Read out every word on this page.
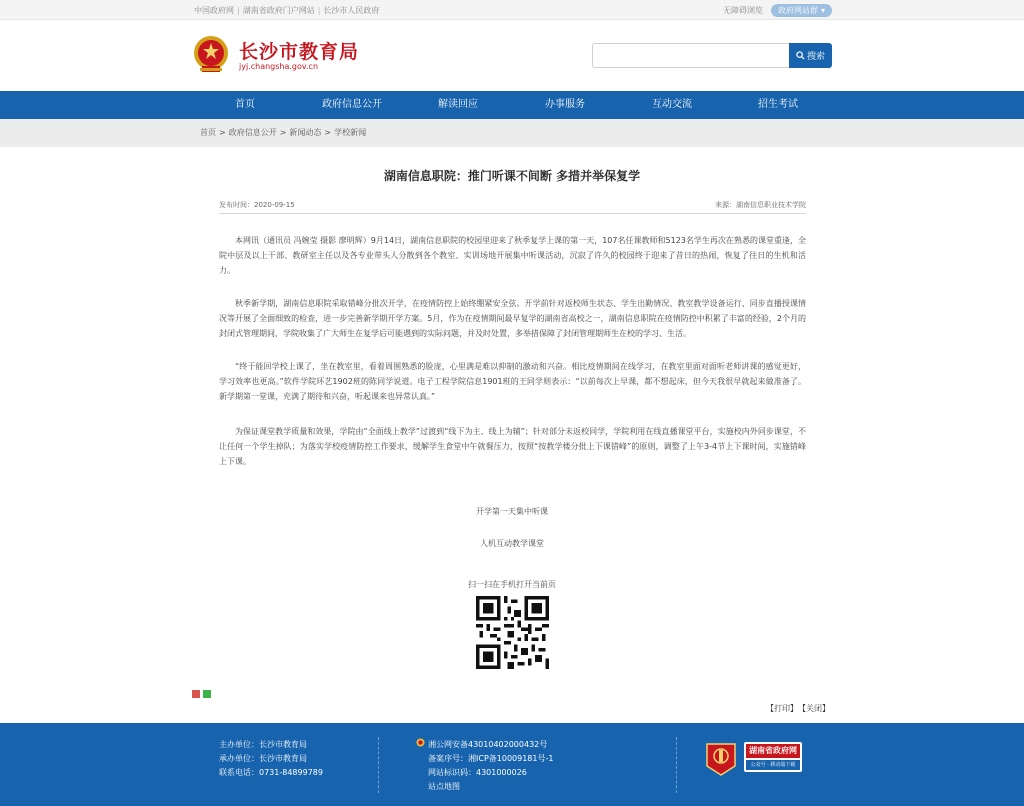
中国政府网 | 湖南省政府门户网站 | 长沙市人民政府	无障碍浏览 政府网站群 ▾
长沙市教育局
jyj.changsha.gov.cn
搜索
首页	政府信息公开	解读回应	办事服务	互动交流	招生考试
首页 > 政府信息公开 > 新闻动态 > 学校新闻
湖南信息职院：推门听课不间断 多措并举保复学
发布时间：2020-09-15	来源：湖南信息职业技术学院

本网讯（通讯员 冯婉莹 摄影 廖明辉）9月14日，湖南信息职院的校园里迎来了秋季复学上课的第一天，107名任课教师和5123名学生再次在熟悉的课堂重逢，全院中层及以上干部、教研室主任以及各专业带头人分散到各个教室、实训场地开展集中听课活动，沉寂了许久的校园终于迎来了昔日的热闹，恢复了往日的生机和活力。

秋季新学期，湖南信息职院采取错峰分批次开学，在疫情防控上始终绷紧安全弦。开学前针对返校师生状态、学生出勤情况、教室教学设备运行、同步直播授课情况等开展了全面细致的检查，进一步完善新学期开学方案。5月，作为在疫情期间最早复学的湖南省高校之一，湖南信息职院在疫情防控中积累了丰富的经验，2个月的封闭式管理期间，学院收集了广大师生在复学后可能遇到的实际问题，并及时处置，多举措保障了封闭管理期师生在校的学习、生活。

“终于能回学校上课了，坐在教室里，看着周围熟悉的脸庞，心里满是难以抑制的激动和兴奋。相比疫情期间在线学习，在教室里面对面听老师讲课的感觉更好，学习效率也更高。”软件学院环艺1902班的陈同学说道。电子工程学院信息1901班的王同学则表示：“以前每次上早课，都不想起床，但今天我很早就起来做准备了。新学期第一堂课，充满了期待和兴奋，听起课来也异常认真。”

为保证课堂教学质量和效果，学院由“全面线上教学”过渡到“线下为主、线上为辅”；针对部分未返校同学，学院利用在线直播课堂平台，实施校内外同步课堂，不让任何一个学生掉队；为落实学校疫情防控工作要求，缓解学生食堂中午就餐压力，按照“按教学楼分批上下课错峰”的原则，调整了上午3-4节上下课时间，实施错峰上下课。

开学第一天集中听课
人机互动教学课堂
扫一扫在手机打开当前页
【打印】 【关闭】
主办单位：长沙市教育局
承办单位：长沙市教育局
联系电话：0731-84899789
湘公网安备43010402000432号
备案序号：湘ICP备10009181号-1
网站标识码：4301000026
站点地图
湖南省政府网
公众号 · 移动端下载
